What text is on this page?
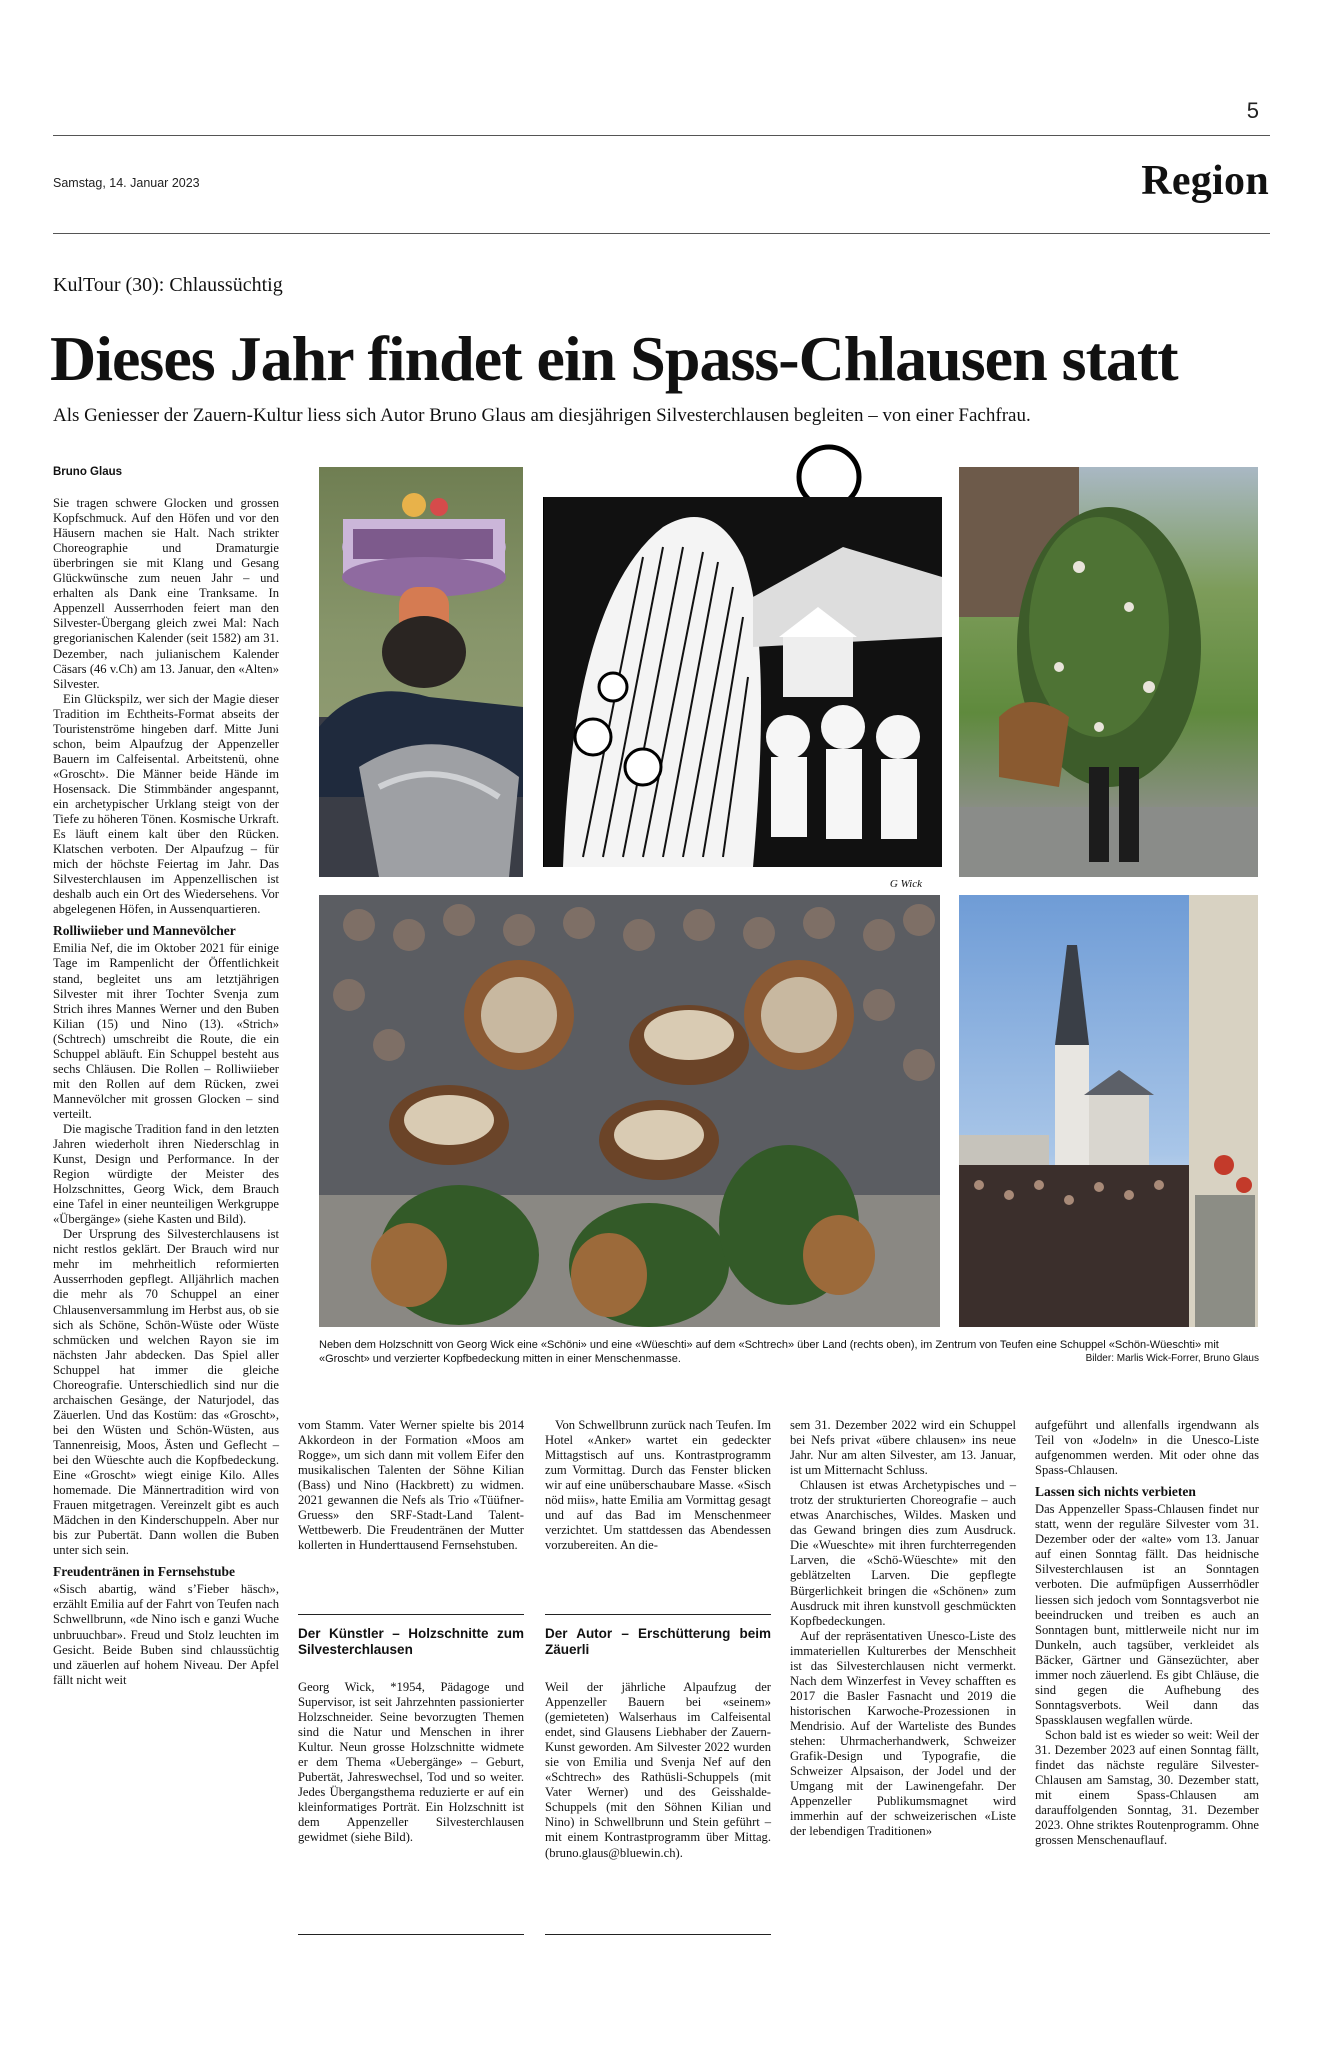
5
Samstag, 14. Januar 2023	Region
KulTour (30): Chlaussüchtig
Dieses Jahr findet ein Spass-Chlausen statt
Als Geniesser der Zauern-Kultur liess sich Autor Bruno Glaus am diesjährigen Silvesterchlausen begleiten – von einer Fachfrau.
Bruno Glaus

Sie tragen schwere Glocken und grossen Kopfschmuck. Auf den Höfen und vor den Häusern machen sie Halt. Nach strikter Choreographie und Dramaturgie überbringen sie mit Klang und Gesang Glückwünsche zum neuen Jahr – und erhalten als Dank eine Tranksame. In Appenzell Ausserrhoden feiert man den Silvester-Übergang gleich zwei Mal: Nach gregorianischen Kalender (seit 1582) am 31. Dezember, nach julianischem Kalender Cäsars (46 v.Ch) am 13. Januar, den «Alten» Silvester.

Ein Glückspilz, wer sich der Magie dieser Tradition im Echtheits-Format abseits der Touristenströme hingeben darf. Mitte Juni schon, beim Alpaufzug der Appenzeller Bauern im Calfeisental. Arbeitstenü, ohne «Groscht». Die Männer beide Hände im Hosensack. Die Stimmbänder angespannt, ein archetypischer Urklang steigt von der Tiefe zu höheren Tönen. Kosmische Urkraft. Es läuft einem kalt über den Rücken. Klatschen verboten. Der Alpaufzug – für mich der höchste Feiertag im Jahr. Das Silvesterchlausen im Appenzellischen ist deshalb auch ein Ort des Wiedersehens. Vor abgelegenen Höfen, in Aussenquartieren.

Rolliwiieber und Mannevölcher

Emilia Nef, die im Oktober 2021 für einige Tage im Rampenlicht der Öffentlichkeit stand, begleitet uns am letztjährigen Silvester mit ihrer Tochter Svenja zum Strich ihres Mannes Werner und den Buben Kilian (15) und Nino (13). «Strich» (Schtrech) umschreibt die Route, die ein Schuppel abläuft. Ein Schuppel besteht aus sechs Chläusen. Die Rollen – Rolliwiieber mit den Rollen auf dem Rücken, zwei Mannevölcher mit grossen Glocken – sind verteilt.

Die magische Tradition fand in den letzten Jahren wiederholt ihren Niederschlag in Kunst, Design und Performance. In der Region würdigte der Meister des Holzschnittes, Georg Wick, dem Brauch eine Tafel in einer neunteiligen Werkgruppe «Übergänge» (siehe Kasten und Bild).

Der Ursprung des Silvesterchlausens ist nicht restlos geklärt. Der Brauch wird nur mehr im mehrheitlich reformierten Ausserrhoden gepflegt. Alljährlich machen die mehr als 70 Schuppel an einer Chlausenversammlung im Herbst aus, ob sie sich als Schöne, Schön-Wüste oder Wüste schmücken und welchen Rayon sie im nächsten Jahr abdecken. Das Spiel aller Schuppel hat immer die gleiche Choreografie. Unterschiedlich sind nur die archaischen Gesänge, der Naturjodel, das Zäuerlen. Und das Kostüm: das «Groscht», bei den Wüsten und Schön-Wüsten, aus Tannenreisig, Moos, Ästen und Geflecht – bei den Wüeschte auch die Kopfbedeckung. Eine «Groscht» wiegt einige Kilo. Alles homemade. Die Männertradition wird von Frauen mitgetragen. Vereinzelt gibt es auch Mädchen in den Kinderschuppeln. Aber nur bis zur Pubertät. Dann wollen die Buben unter sich sein.

Freudentränen in Fernsehstube

«Sisch abartig, wänd s’Fieber häsch», erzählt Emilia auf der Fahrt von Teufen nach Schwellbrunn, «de Nino isch e ganzi Wuche unbruuchbar». Freud und Stolz leuchten im Gesicht. Beide Buben sind chlaussüchtig und zäuerlen auf hohem Niveau. Der Apfel fällt nicht weit

G Wick
Neben dem Holzschnitt von Georg Wick eine «Schöni» und eine «Wüeschti» auf dem «Schtrech» über Land (rechts oben), im Zentrum von Teufen eine Schuppel «Schön-Wüeschti» mit «Groscht» und verzierter Kopfbedeckung mitten in einer Menschenmasse.	Bilder: Marlis Wick-Forrer, Bruno Glaus

vom Stamm. Vater Werner spielte bis 2014 Akkordeon in der Formation «Moos am Rogge», um sich dann mit vollem Eifer den musikalischen Talenten der Söhne Kilian (Bass) und Nino (Hackbrett) zu widmen. 2021 gewannen die Nefs als Trio «Tüüfner-Gruess» den SRF-Stadt-Land Talent-Wettbewerb. Die Freudentränen der Mutter kollerten in Hunderttausend Fernsehstuben.

Der Künstler – Holzschnitte zum Silvesterchlausen

Georg Wick, *1954, Pädagoge und Supervisor, ist seit Jahrzehnten passionierter Holzschneider. Seine bevorzugten Themen sind die Natur und Menschen in ihrer Kultur. Neun grosse Holzschnitte widmete er dem Thema «Uebergänge» – Geburt, Pubertät, Jahreswechsel, Tod und so weiter. Jedes Übergangsthema reduzierte er auf ein kleinformatiges Porträt. Ein Holzschnitt ist dem Appenzeller Silvesterchlausen gewidmet (siehe Bild).

Von Schwellbrunn zurück nach Teufen. Im Hotel «Anker» wartet ein gedeckter Mittagstisch auf uns. Kontrastprogramm zum Vormittag. Durch das Fenster blicken wir auf eine unüberschaubare Masse. «Sisch nöd miis», hatte Emilia am Vormittag gesagt und auf das Bad im Menschenmeer verzichtet. Um stattdessen das Abendessen vorzubereiten. An die-

Der Autor – Erschütterung beim Zäuerli

Weil der jährliche Alpaufzug der Appenzeller Bauern bei «seinem» (gemieteten) Walserhaus im Calfeisental endet, sind Glausens Liebhaber der Zauern-Kunst geworden. Am Silvester 2022 wurden sie von Emilia und Svenja Nef auf den «Schtrech» des Rathüsli-Schuppels (mit Vater Werner) und des Geisshalde-Schuppels (mit den Söhnen Kilian und Nino) in Schwellbrunn und Stein geführt – mit einem Kontrastprogramm über Mittag. (bruno.glaus@bluewin.ch).

sem 31. Dezember 2022 wird ein Schuppel bei Nefs privat «übere chlausen» ins neue Jahr. Nur am alten Silvester, am 13. Januar, ist um Mitternacht Schluss.

Chlausen ist etwas Archetypisches und – trotz der strukturierten Choreografie – auch etwas Anarchisches, Wildes. Masken und das Gewand bringen dies zum Ausdruck. Die «Wueschte» mit ihren furchterregenden Larven, die «Schö-Wüeschte» mit den geblätzelten Larven. Die gepflegte Bürgerlichkeit bringen die «Schönen» zum Ausdruck mit ihren kunstvoll geschmückten Kopfbedeckungen.

Auf der repräsentativen Unesco-Liste des immateriellen Kulturerbes der Menschheit ist das Silvesterchlausen nicht vermerkt. Nach dem Winzerfest in Vevey schafften es 2017 die Basler Fasnacht und 2019 die historischen Karwoche-Prozessionen in Mendrisio. Auf der Warteliste des Bundes stehen: Uhrmacherhandwerk, Schweizer Grafik-Design und Typografie, die Schweizer Alpsaison, der Jodel und der Umgang mit der Lawinengefahr. Der Appenzeller Publikumsmagnet wird immerhin auf der schweizerischen «Liste der lebendigen Traditionen»

aufgeführt und allenfalls irgendwann als Teil von «Jodeln» in die Unesco-Liste aufgenommen werden. Mit oder ohne das Spass-Chlausen.

Lassen sich nichts verbieten

Das Appenzeller Spass-Chlausen findet nur statt, wenn der reguläre Silvester vom 31. Dezember oder der «alte» vom 13. Januar auf einen Sonntag fällt. Das heidnische Silvesterchlausen ist an Sonntagen verboten. Die aufmüpfigen Ausserrhödler liessen sich jedoch vom Sonntagsverbot nie beeindrucken und treiben es auch an Sonntagen bunt, mittlerweile nicht nur im Dunkeln, auch tagsüber, verkleidet als Bäcker, Gärtner und Gänsezüchter, aber immer noch zäuerlend. Es gibt Chläuse, die sind gegen die Aufhebung des Sonntagsverbots. Weil dann das Spassklausen wegfallen würde.

Schon bald ist es wieder so weit: Weil der 31. Dezember 2023 auf einen Sonntag fällt, findet das nächste reguläre Silvester-Chlausen am Samstag, 30. Dezember statt, mit einem Spass-Chlausen am darauffolgenden Sonntag, 31. Dezember 2023. Ohne striktes Routenprogramm. Ohne grossen Menschenauflauf.
